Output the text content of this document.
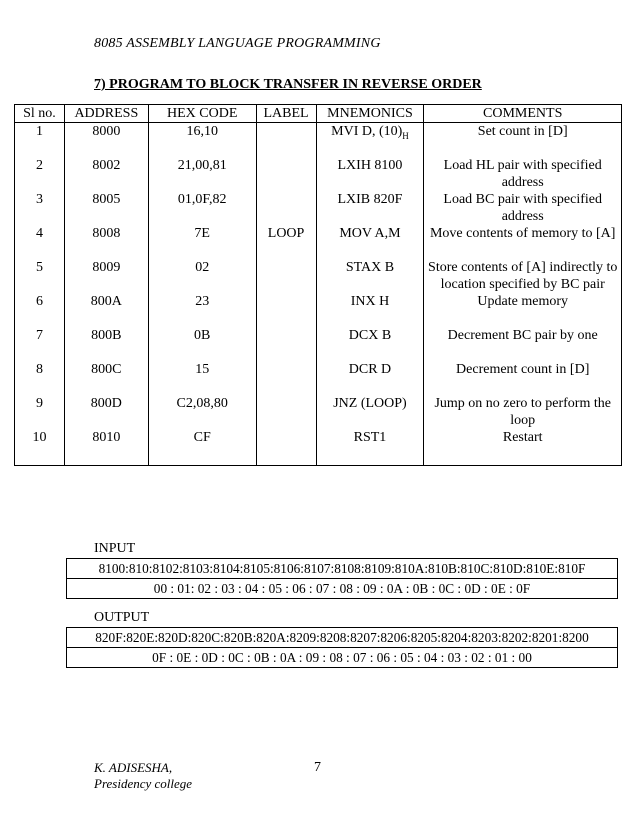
8085 ASSEMBLY LANGUAGE PROGRAMMING
7) PROGRAM TO BLOCK TRANSFER IN REVERSE ORDER
Sl no.	ADDRESS	HEX CODE	LABEL	MNEMONICS	COMMENTS
1	8000	16,10		MVI D, $(10)_H$	Set count in [D]
2	8002	21,00,81		LXIH 8100	Load HL pair with specified address
3	8005	01,0F,82		LXIB 820F	Load BC pair with specified address
4	8008	7E	LOOP	MOV A,M	Move contents of memory to [A]
5	8009	02		STAX B	Store contents of [A] indirectly to location specified by BC pair
6	800A	23		INX H	Update memory
7	800B	0B		DCX B	Decrement BC pair by one
8	800C	15		DCR D	Decrement count in [D]
9	800D	C2,08,80		JNZ (LOOP)	Jump on no zero to perform the loop
10	8010	CF		RST1	Restart
INPUT
8100:810:8102:8103:8104:8105:8106:8107:8108:8109:810A:810B:810C:810D:810E:810F
00 : 01: 02 : 03 : 04 : 05 : 06 : 07 : 08 : 09 : 0A : 0B : 0C : 0D : 0E : 0F
OUTPUT
820F:820E:820D:820C:820B:820A:8209:8208:8207:8206:8205:8204:8203:8202:8201:8200
0F : 0E : 0D : 0C : 0B : 0A : 09 : 08 : 07 : 06 : 05 : 04 : 03 : 02 : 01 : 00
K. ADISESHA,
Presidency college
7
